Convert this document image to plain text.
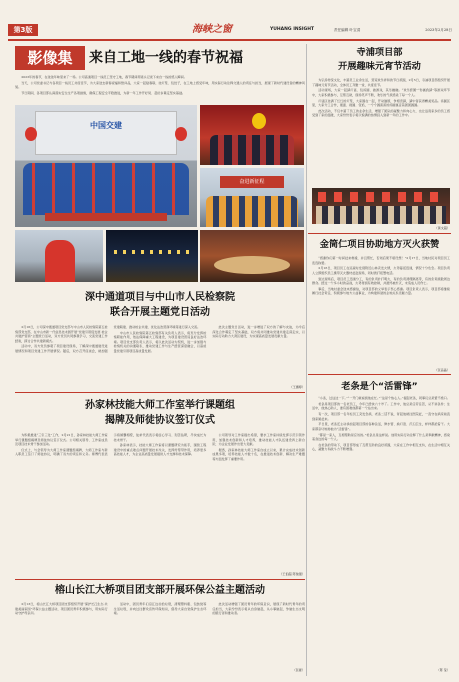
第3版	海峡之窗	YUHANG INSIGHT	责任编辑 叶宝清	2023年2月28日
影像集	来自工地一线的春节祝福

2023年的春节，在浓浓年味里来了一场。公司高速项目一线员工坚守工地，春节期间用镜头记录下来自一线的感人瞬间。

当天，公司党委书记与各项目一线员工共度佳节，为大家送去新春祝福和慰问品，大家一起贴春联、挂灯笼、包饺子，在工地上感受年味，用实际行动诠释交通人的责任与担当，展现了新时代建设者的精神风貌。

节日期间，各项目部认真落实安全生产各项措施，确保工程安全平稳推进，为新一年工作开好局、起好步奠定坚实基础。

中国交建
奋进新征程
寺浦项目部
开展趣味元宵节活动

为弘扬传统文化，丰富员工业余生活，营造欢乐祥和的节日氛围，2月5日，寺浦项目部组织开展了趣味元宵节活动，全体员工齐聚一堂，共度佳节。

活动现场，大家一起猜灯谜、包汤圆、做游戏，其乐融融。“欢乐套圈”“你画我猜”等游戏环节中，大家积极参与，互帮互助，现场笑声不断，欢乐的气氛感染了每一个人。

灯谜区挂满了红红的灯笼，大家围在一起，开动脑筋，争相竞猜，猜中者获得精美奖品。汤圆区里，大家分工合作，揉面、搓圆、包馅，一个个圆滚滚的汤圆寓意着团团圆圆。

此次活动，不仅丰富了员工的业余生活，增强了团队的凝聚力和向心力，也让远离家乡的员工感受到了家的温暖，大家纷纷表示将以饱满的热情投入到新一年的工作中。

（黄文超）
金筒仁项目协助地方灭火获赞

“感谢你们第一时间赶来救援，并且帮忙，否则后果不堪设想！”2月17日，当地村民对项目员工连连称赞。

2月16日，项目员工在巡查时发现附近山林突发火情，火势蔓延迅速，情况十分危急。项目负责人立即组织员工携带灭火器材赶赴现场，同时拨打报警电话。

到达现场后，项目员工迅速分工，有的负责扑打明火，有的负责清理隔离带，有的负责疏散周边群众。经过一个多小时的奋战，火势得到有效控制，并最终被扑灭，未造成人员伤亡。

事后，当地村委会送来感谢信，对项目部的义举表示衷心感谢。项目负责人表示，项目部将继续履行社会责任，积极参与地方公益事业，为构建和谐的企地关系贡献力量。

（张品晶）
老条是个“活雷锋”

“小条，过这边一下。”“一开门就看到他在忙。”“这是个热心人。”提起老条，同事们总是赞不绝口。

老条是项目部的一名老员工，今年已经快六十岁了。工作中，他总是任劳任怨，从不讲条件；生活中，他热心助人，谁有困难他都第一个站出来。

有一次，项目部一名年轻员工突发急病，老条二话不说，背起他就往医院赶，一直守在病床前直到家属赶来。

平日里，老条还主动承担起项目部的各种杂活，修水管、换灯泡、打扫卫生，样样都抢着干。大家都亲切地称他为“活雷锋”。

“都是一家人，互相帮助是应该的。”老条总是这样说。他用实际行动诠释了什么是奉献精神，感染着身边的每一个人。

在老条的带动下，项目部形成了互帮互助的良好氛围，大家在工作中相互支持，在生活中相互关心，凝聚力和战斗力不断增强。

（陈 莹）
深中通道项目与中山市人民检察院
联合开展主题党日活动

2月16日，公司深中通道项目党支部与中山市人民检察院第五检察部党支部，在中山市新一代信息技术园开展“党建引领促发展 检企共建护营商”主题党日活动，双方党员共同参观学习，交流党建工作经验，探讨合作共建新模式。

活动中，双方党员参观了项目建设现场，了解深中通道建设进展情况和项目党建工作开展情况。随后，双方召开座谈会，就加强党建联建、推动检企共建、优化法治营商环境等进行深入交流。

中山市人民检察院第五检察部有关负责人表示，将充分发挥检察职能作用，依法保障重大工程建设，为项目建设营造良好法治环境。项目党支部负责人表示，将以此次活动为契机，进一步加强与检察机关的沟通联系，推动党建工作与生产经营深度融合，以高质量党建引领项目高质量发展。

此次主题党日活动，进一步增进了双方的了解与友谊，为今后深化合作奠定了坚实基础，双方将共同推动党建共建走深走实，以实际行动助力大湾区建设，为实现高质量发展贡献力量。

（王惠婷）
孙家林技能大师工作室举行课题组
揭牌及师徒协议签订仪式

为积极推进“三引三化”工作，2月21日，孙家林技能大师工作室举行课题组揭牌及师徒协议签订仪式。公司相关领导、工作室成员及项目技术骨干参加活动。

仪式上，与会领导为大师工作室课题组揭牌，大师工作室与新入职员工签订了师徒协议，明确了双方的责任和义务。师傅代表表示将倾囊相授，徒弟代表表示将虚心学习、刻苦钻研，尽快成长为技术骨干。

孙家林表示，技能大师工作室将以课题研究为抓手，围绕工程建设中的重点难点问题开展技术攻关，发挥传帮带作用，培养更多高技能人才，为企业高质量发展提供人才支撑和技术保障。

公司领导对工作室提出希望，要求工作室持续发挥示范引领作用，加强技术创新和人才培养，推动技能人才队伍建设再上新台阶，为企业发展作出更大贡献。

据悉，孙家林技能大师工作室自成立以来，累计完成技术创新成果多项，培养技能人才数十名，在推进技术创新、解决生产难题等方面发挥了重要作用。

（王伯超 陈俊强）
榕山长江大桥项目团支部开展环保公益主题活动

2月13日，榕山长江大桥项目团支部组织开展“保护长江生态·共建美丽家园”环保公益主题活动，项目团员青年积极参与，用实际行动守护母亲河。

活动中，团员青年们沿江边捡拾垃圾，清理塑料瓶、包装袋等生活垃圾，并向过往群众宣传环保知识，倡导大家自觉保护生态环境。

此次活动增强了团员青年的环保意识，展现了新时代青年的责任担当，大家纷纷表示将从自身做起，从小事做起，争做生态文明的践行者和推动者。

（张豪）
